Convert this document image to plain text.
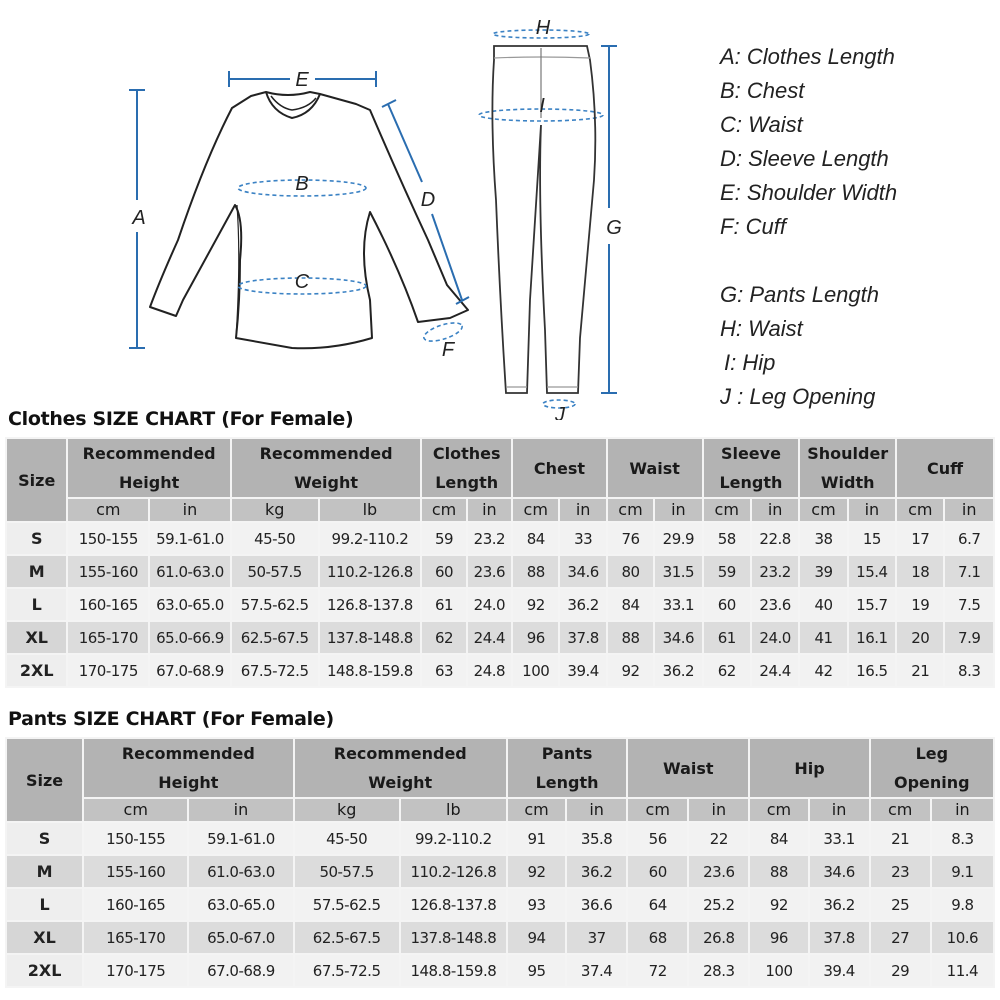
A
B
C
D
E
F
G
H
I
J
A: Clothes Length
B: Chest
C: Waist
D: Sleeve Length
E: Shoulder Width
F: Cuff
G: Pants Length
H: Waist
I: Hip
J : Leg Opening
Clothes SIZE CHART (For Female)
Size	Recommended
Height		Recommended
Weight		Clothes
Length		Chest		Waist		Sleeve
Length		Shoulder
Width		Cuff	
	cm	in	kg	lb	cm	in	cm	in	cm	in	cm	in	cm	in	cm	in
S	150-155	59.1-61.0	45-50	99.2-110.2	59	23.2	84	33	76	29.9	58	22.8	38	15	17	6.7
M	155-160	61.0-63.0	50-57.5	110.2-126.8	60	23.6	88	34.6	80	31.5	59	23.2	39	15.4	18	7.1
L	160-165	63.0-65.0	57.5-62.5	126.8-137.8	61	24.0	92	36.2	84	33.1	60	23.6	40	15.7	19	7.5
XL	165-170	65.0-66.9	62.5-67.5	137.8-148.8	62	24.4	96	37.8	88	34.6	61	24.0	41	16.1	20	7.9
2XL	170-175	67.0-68.9	67.5-72.5	148.8-159.8	63	24.8	100	39.4	92	36.2	62	24.4	42	16.5	21	8.3
Pants SIZE CHART (For Female)
Size	Recommended
Height		Recommended
Weight		Pants
Length		Waist		Hip		Leg
Opening	
	cm	in	kg	lb	cm	in	cm	in	cm	in	cm	in
S	150-155	59.1-61.0	45-50	99.2-110.2	91	35.8	56	22	84	33.1	21	8.3
M	155-160	61.0-63.0	50-57.5	110.2-126.8	92	36.2	60	23.6	88	34.6	23	9.1
L	160-165	63.0-65.0	57.5-62.5	126.8-137.8	93	36.6	64	25.2	92	36.2	25	9.8
XL	165-170	65.0-67.0	62.5-67.5	137.8-148.8	94	37	68	26.8	96	37.8	27	10.6
2XL	170-175	67.0-68.9	67.5-72.5	148.8-159.8	95	37.4	72	28.3	100	39.4	29	11.4
